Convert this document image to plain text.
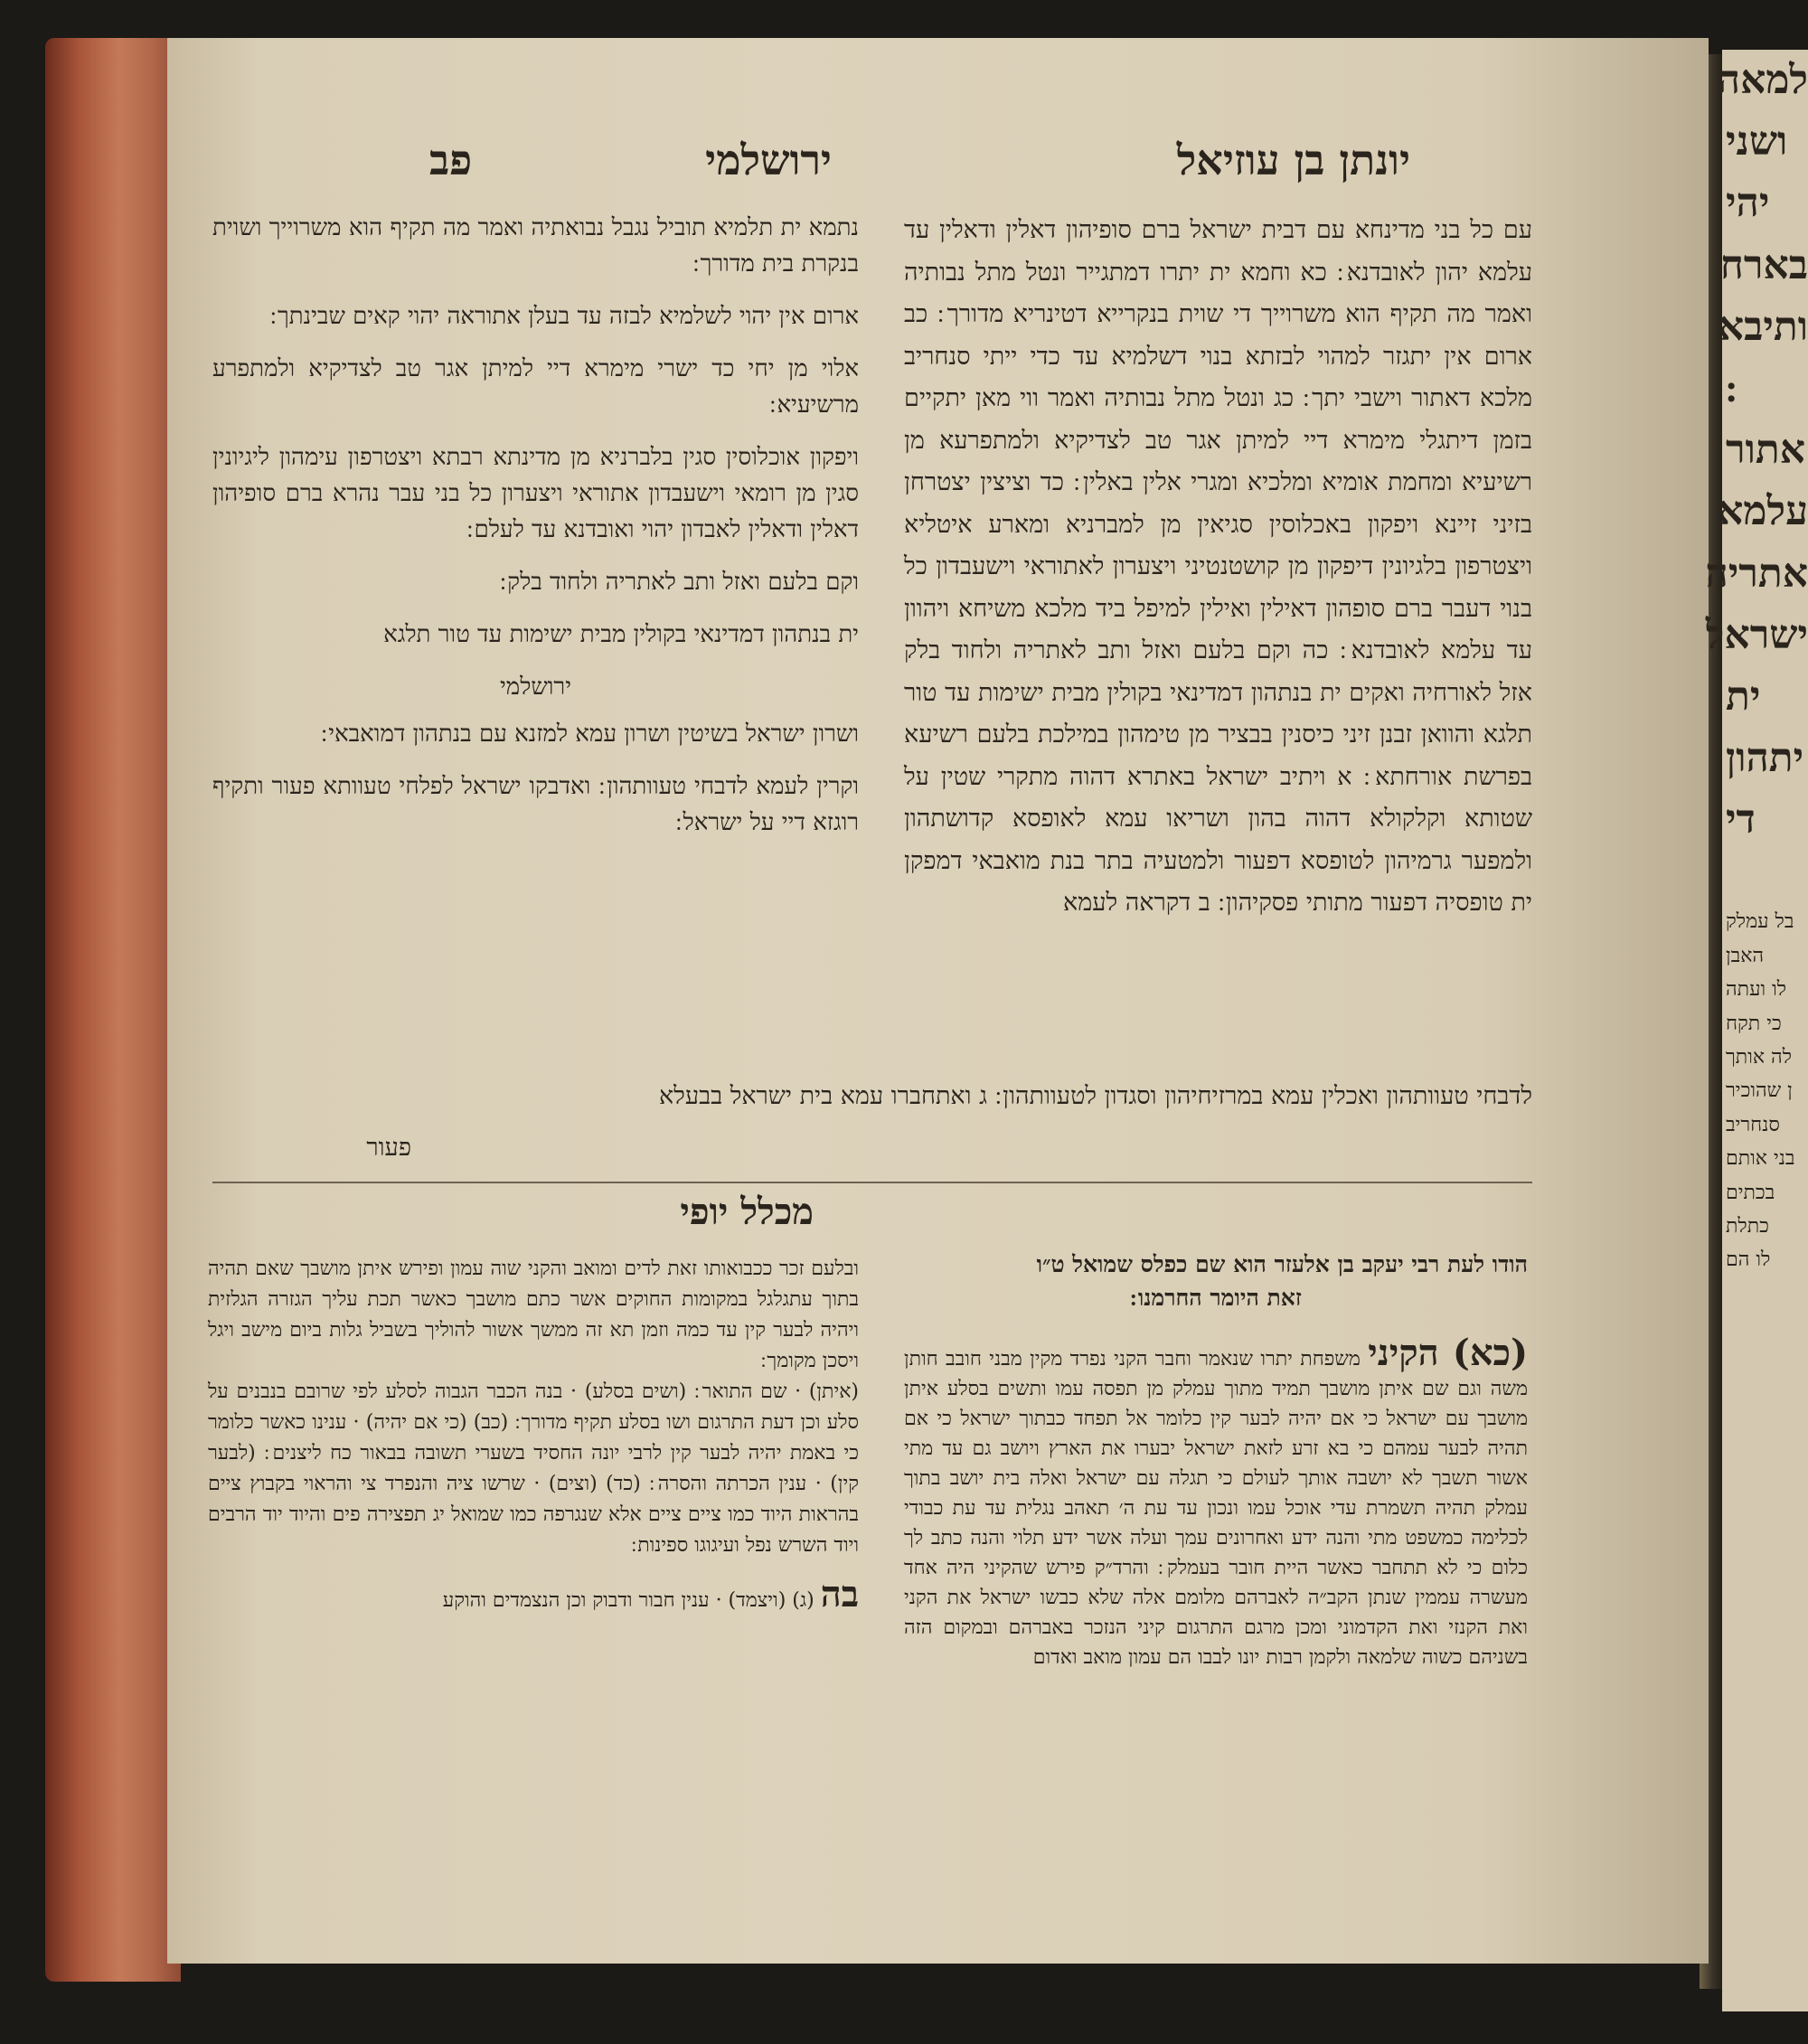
יונתן בן עוזיאל
ירושלמי
פב
עם כל בני מדינחא עם דבית ישראל ברם סופיהון דאלין ודאלין עד עלמא יהון לאובדנא ׃ כא וחמא ית יתרו דמתגייר ונטל מתל נבותיה ואמר מה תקיף הוא משרוייך די שוית בנקרייא דטינריא מדורך ׃ כב ארום אין יתגזר למהוי לבזתא בנוי דשלמיא עד כדי ייתי סנחריב מלכא דאתור וישבי יתך ׃ כג ונטל מתל נבותיה ואמר ווי מאן יתקיים בזמן דיתגלי מימרא דיי למיתן אגר טב לצדיקיא ולמתפרעא מן רשיעיא ומחמת אומיא ומלכיא ומגרי אלין באלין ׃ כד וציצין יצטרחן בזיני זיינא ויפקון באכלוסין סגיאין מן למברניא ומארע איטליא ויצטרפון בלגיונין דיפקון מן קושטנטיני ויצערון לאתוראי וישעבדון כל בנוי דעבר ברם סופהון דאילין ואילין למיפל ביד מלכא משיחא ויהוון עד עלמא לאובדנא ׃ כה וקם בלעם ואזל ותב לאתריה ולחוד בלק אזל לאורחיה ואקים ית בנתהון דמדינאי בקולין מבית ישימות עד טור תלגא והוואן זבנן זיני כיסנין בבציר מן טימהון במילכת בלעם רשיעא בפרשת אורחתא ׃ א ויתיב ישראל באתרא דהוה מתקרי שטין על שטותא וקלקולא דהוה בהון ושריאו עמא לאופסא קדושתהון ולמפער גרמיהון לטופסא דפעור ולמטעיה בתר בנת מואבאי דמפקן ית טופסיה דפעור מתותי פסקיהון ׃ ב דקראה לעמא
נתמא ית תלמיא תוביל נגבל נבואתיה ואמר מה תקיף הוא משרוייך ושוית בנקרת בית מדורך ׃
ארום אין יהוי לשלמיא לבזה עד בעלן אתוראה יהוי קאים שבינתך ׃
אלוי מן יחי כד ישרי מימרא דיי למיתן אגר טב לצדיקיא ולמתפרע מרשיעיא ׃
ויפקון אוכלוסין סגין בלברניא מן מדינתא רבתא ויצטרפון עימהון ליגיונין סגין מן רומאי וישעבדון אתוראי ויצערון כל בני עבר נהרא ברם סופיהון דאלין ודאלין לאבדון יהוי ואובדנא עד לעלם ׃
וקם בלעם ואזל ותב לאתריה ולחוד בלק ׃
ית בנתהון דמדינאי בקולין מבית ישימות עד טור תלגא
ירושלמי
ושרון ישראל בשיטין ושרון עמא למזנא עם בנתהון דמואבאי ׃
וקרין לעמא לדבחי טעוותהון ׃ ואדבקו ישראל לפלחי טעוותא פעור ותקיף רוגזא דיי על ישראל ׃
לדבחי טעוותהון ואכלין עמא במרזיחיהון וסגדון לטעוותהון ׃ ג ואתחברו עמא בית ישראל בבעלא
פעור
מכלל יופי
הודו לעת רבי יעקב בן אלעזר הוא שם כפלס שמואל ט״ו
זאת היומר החרמנו ׃
(כא) הקיני משפחת יתרו שנאמר וחבר הקני נפרד מקין מבני חובב חותן משה וגם שם איתן מושבך תמיד מתוך עמלק מן תפסה עמו ותשים בסלע איתן מושבך עם ישראל כי אם יהיה לבער קין כלומר אל תפחד כבתוך ישראל כי אם תהיה לבער עמהם כי בא זרע לזאת ישראל יבערו את הארץ ויושב גם עד מתי אשור תשבך לא יושבה אותך לעולם כי תגלה עם ישראל ואלה בית יושב בתוך עמלק תהיה תשמרת עדי אוכל עמו ונכון עד עת ה׳ תאהב נגלית עד עת כבודי לכלימה כמשפט מתי והנה ידע ואחרונים עמך ועלה אשר ידע תלוי והנה כתב לך כלום כי לא תתחבר כאשר היית חובר בעמלק ׃ והרד״ק פירש שהקיני היה אחד מעשרה עממין שנתן הקב״ה לאברהם מלומם אלה שלא כבשו ישראל את הקני ואת הקנזי ואת הקדמוני ומכן מרגם התרגום קיני הנזכר באברהם ובמקום הזה בשניהם כשוה שלמאה ולקמן רבות יונו לבבו הם עמון מואב ואדום
ובלעם זכר ככבואותו זאת לדים ומואב והקני שוה עמון ופירש איתן מושבך שאם תהיה בתוך עתגלגל במקומות החוקים אשר כתם מושבך כאשר תכת עליך הגזרה הגלזית ויהיה לבער קין עד כמה וזמן תא זה ממשך אשור להוליך בשביל גלות ביום מישב ויגל ויסכן מקומך ׃
(איתן) · שם התואר ׃ (ושים בסלע) · בנה הכבר הגבוה לסלע לפי שרובם בנבנים על סלע וכן דעת התרגום ושו בסלע תקיף מדורך ׃ (כב) (כי אם יהיה) · ענינו כאשר כלומר כי באמת יהיה לבער קין לרבי יונה החסיד בשערי תשובה בבאור כח ליצנים ׃ (לבער קין) · ענין הכרתה והסרה ׃ (כד) (וצים) · שרשו ציה והנפרד צי והראוי בקבוץ ציים בהראות היוד כמו ציים ציים אלא שנגרפה כמו שמואל יג תפצירה פים והיוד יוד הרבים ויוד השרש נפל ועיגוגו ספינות ׃
בה (ג) (ויצמד) · ענין חבור ודבוק וכן הנצמדים והוקע
למאה
ושני
יהי
בארח
ותיבא
אתור
עלמא
אתריה
ישראל
ית
יתהון
די
בל עמלק
האבן
לו ועתה
כי תקח
לה אותך
ן שהוכיר
סנחריב
בני אותם
בכתים
כתלת
לו הם
